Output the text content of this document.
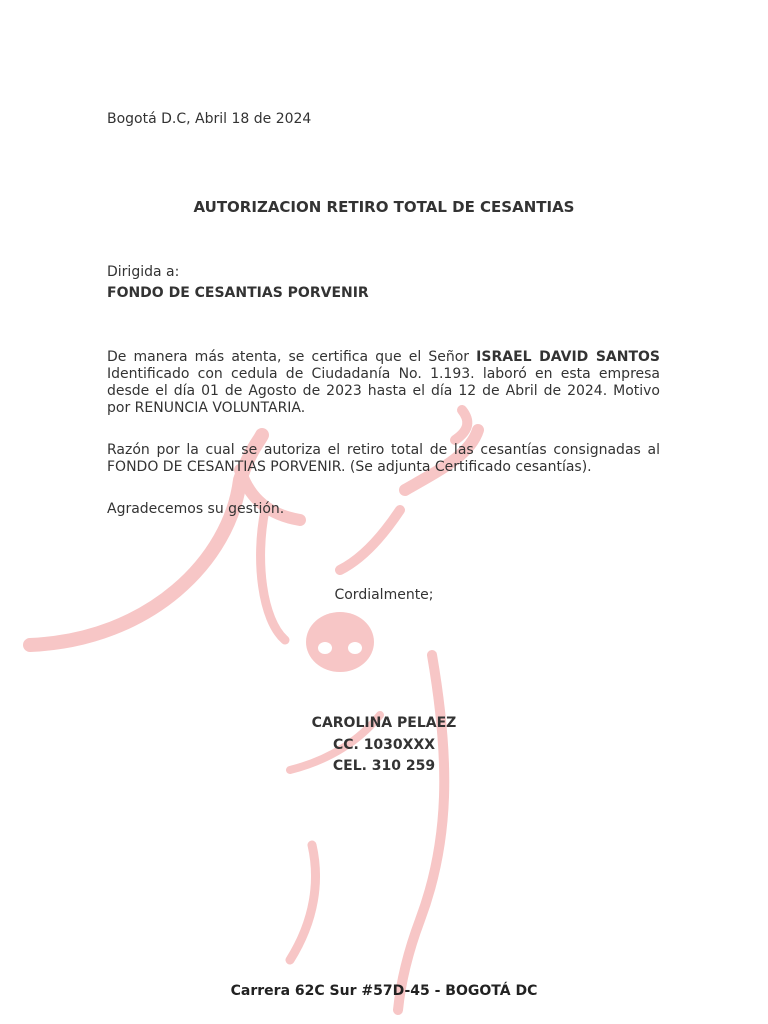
Bogotá D.C, Abril 18 de 2024

AUTORIZACION RETIRO TOTAL DE CESANTIAS

Dirigida a:

FONDO DE CESANTIAS PORVENIR

De manera más atenta, se certifica que el Señor ISRAEL DAVID SANTOS Identificado con cedula de Ciudadanía No. 1.193. laboró en esta empresa desde el día 01 de Agosto de 2023 hasta el día 12 de Abril de 2024. Motivo por RENUNCIA VOLUNTARIA.

Razón por la cual se autoriza el retiro total de las cesantías consignadas al FONDO DE CESANTIAS PORVENIR. (Se adjunta Certificado cesantías).

Agradecemos su gestión.

Cordialmente;

CAROLINA PELAEZ

CC. 1030XXX

CEL. 310 259

Carrera 62C Sur #57D-45 - BOGOTÁ DC
